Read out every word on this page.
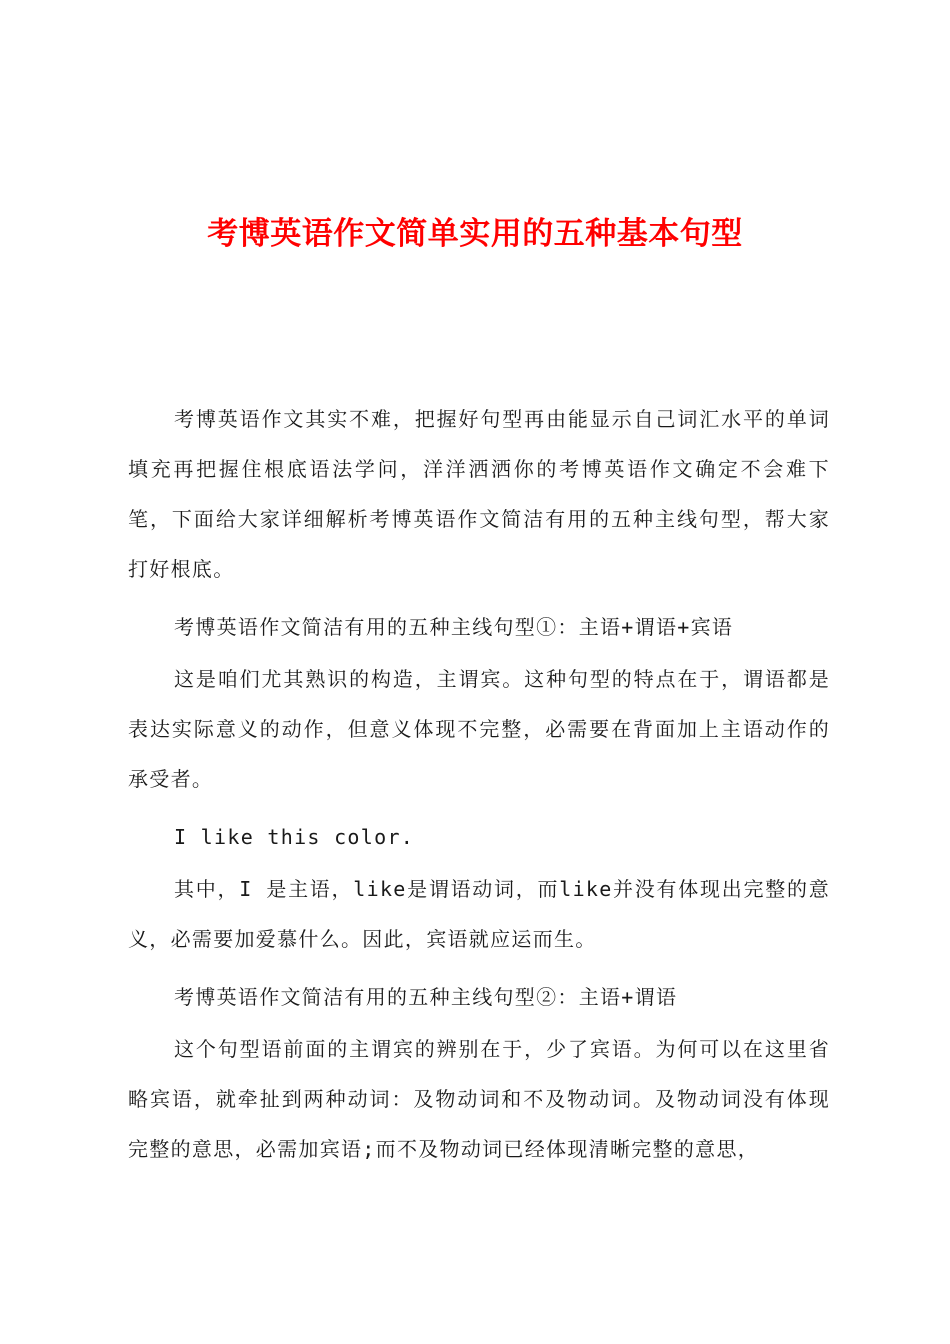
考博英语作文简单实用的五种基本句型

考博英语作文其实不难，把握好句型再由能显示自己词汇水平的单词填充再把握住根底语法学问，洋洋洒洒你的考博英语作文确定不会难下笔，下面给大家详细解析考博英语作文简洁有用的五种主线句型，帮大家打好根底。

考博英语作文简洁有用的五种主线句型①：主语+谓语+宾语

这是咱们尤其熟识的构造，主谓宾。这种句型的特点在于，谓语都是表达实际意义的动作，但意义体现不完整，必需要在背面加上主语动作的承受者。

I like this color.

其中，I 是主语，like是谓语动词，而like并没有体现出完整的意义，必需要加爱慕什么。因此，宾语就应运而生。

考博英语作文简洁有用的五种主线句型②：主语+谓语

这个句型语前面的主谓宾的辨别在于，少了宾语。为何可以在这里省略宾语，就牵扯到两种动词：及物动词和不及物动词。及物动词没有体现完整的意思，必需加宾语;而不及物动词已经体现清晰完整的意思，
